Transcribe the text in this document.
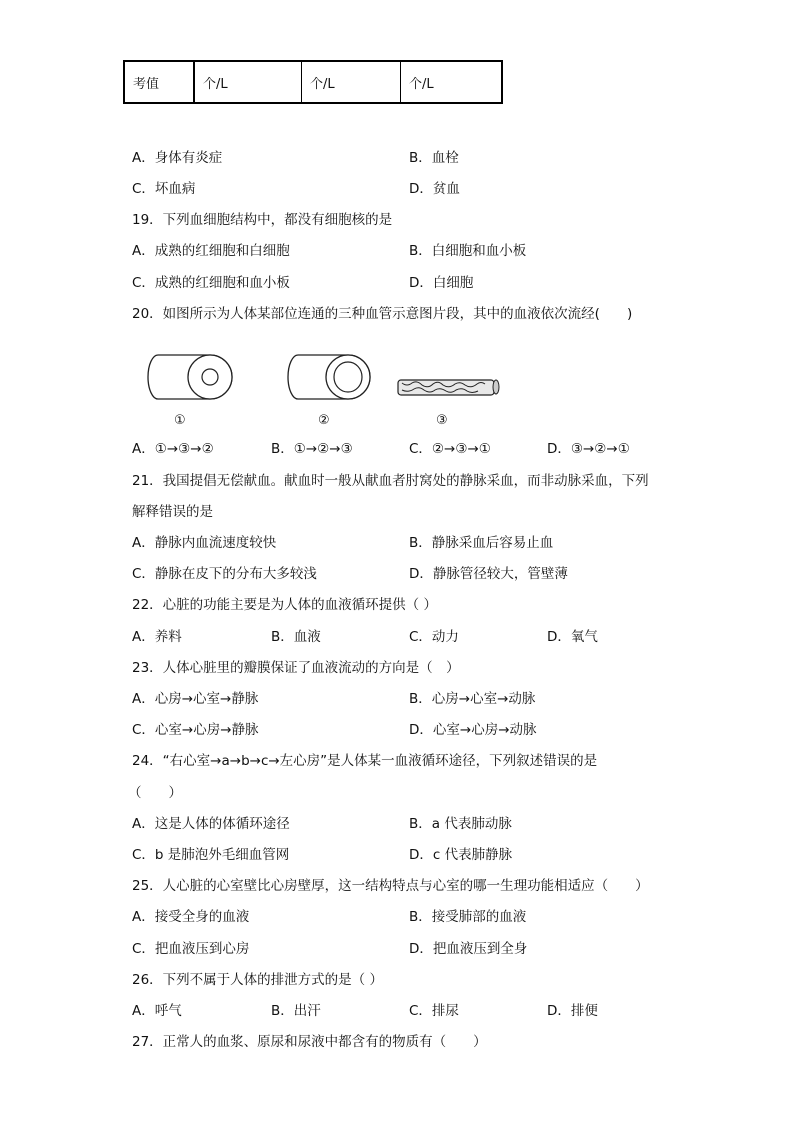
考值	个/L	个/L	个/L
A．身体有炎症	B．血栓
C．坏血病	D．贫血
19．下列血细胞结构中，都没有细胞核的是
A．成熟的红细胞和白细胞	B．白细胞和血小板
C．成熟的红细胞和血小板	D．白细胞
20．如图所示为人体某部位连通的三种血管示意图片段，其中的血液依次流经(　　)
①	②	③
A．①→③→②	B．①→②→③	C．②→③→①	D．③→②→①
21．我国提倡无偿献血。献血时一般从献血者肘窝处的静脉采血，而非动脉采血，下列
解释错误的是
A．静脉内血流速度较快	B．静脉采血后容易止血
C．静脉在皮下的分布大多较浅	D．静脉管径较大，管壁薄
22．心脏的功能主要是为人体的血液循环提供（ ）
A．养料	B．血液	C．动力	D．氧气
23．人体心脏里的瓣膜保证了血液流动的方向是（　）
A．心房→心室→静脉	B．心房→心室→动脉
C．心室→心房→静脉	D．心室→心房→动脉
24．“右心室→a→b→c→左心房”是人体某一血液循环途径，下列叙述错误的是
（　　）
A．这是人体的体循环途径	B．a 代表肺动脉
C．b 是肺泡外毛细血管网	D．c 代表肺静脉
25．人心脏的心室壁比心房壁厚，这一结构特点与心室的哪一生理功能相适应（　　）
A．接受全身的血液	B．接受肺部的血液
C．把血液压到心房	D．把血液压到全身
26．下列不属于人体的排泄方式的是（ ）
A．呼气	B．出汗	C．排尿	D．排便
27．正常人的血浆、原尿和尿液中都含有的物质有（　　）
